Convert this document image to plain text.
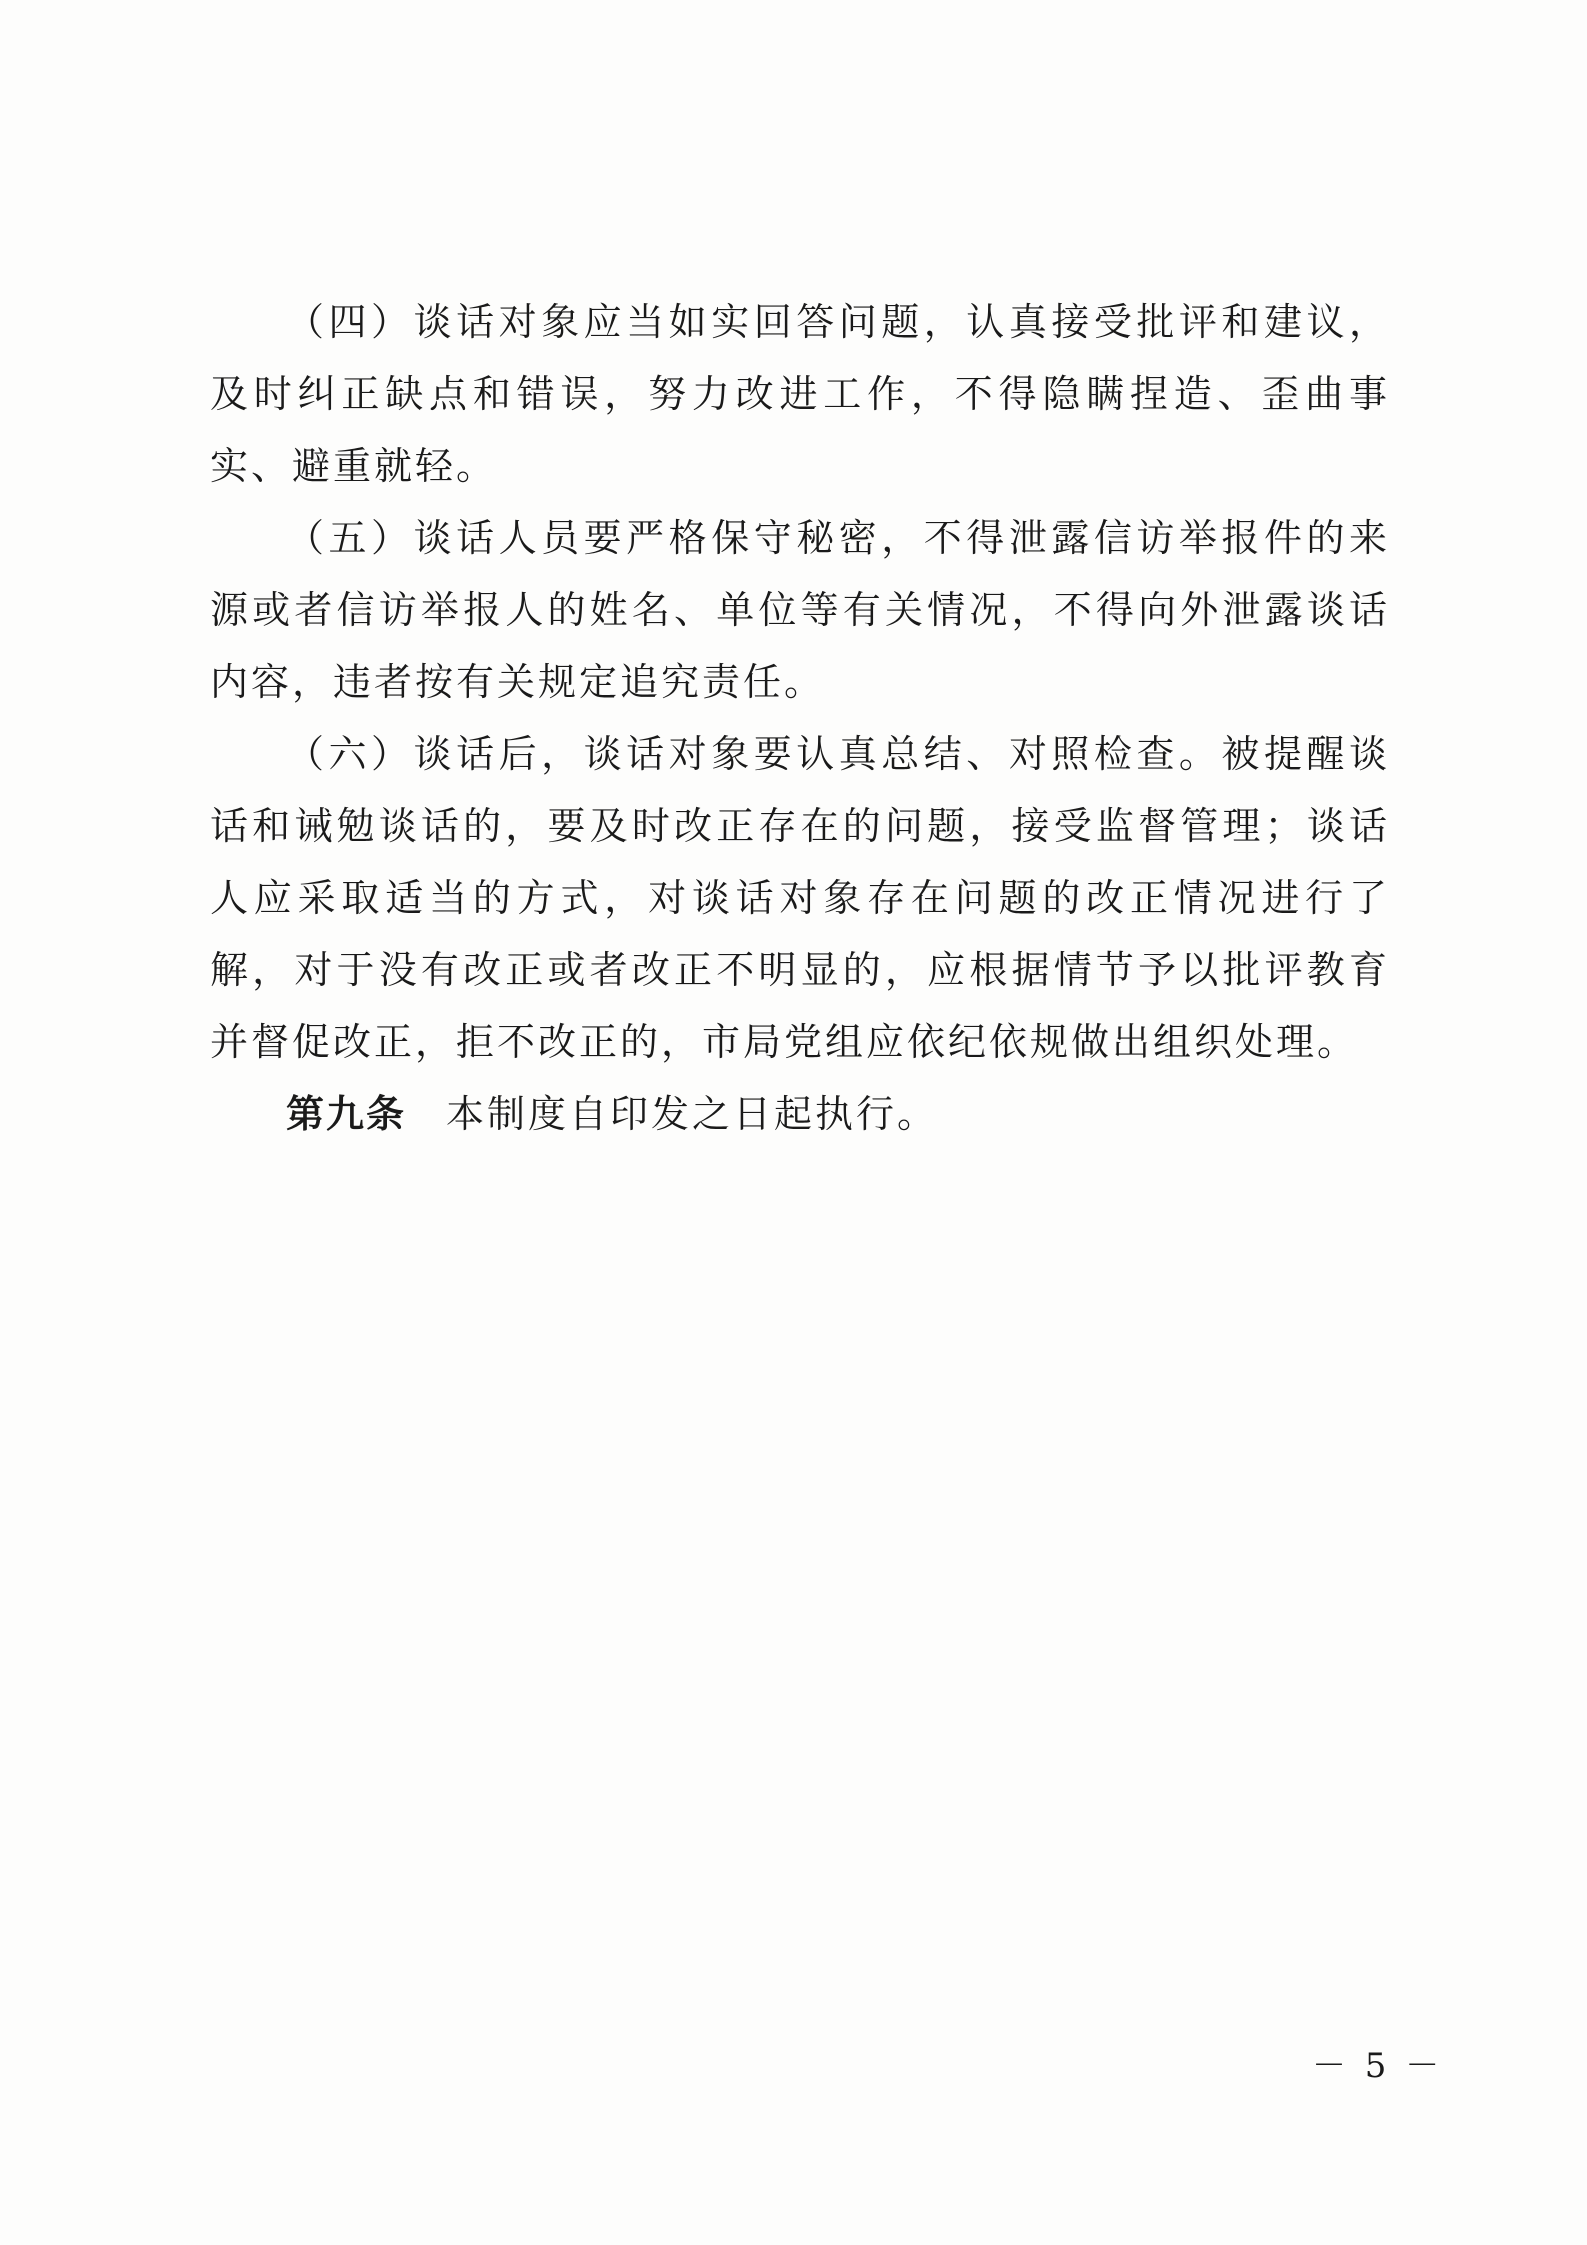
（四）谈话对象应当如实回答问题，认真接受批评和建议，及时纠正缺点和错误，努力改进工作，不得隐瞒捏造、歪曲事实、避重就轻。

（五）谈话人员要严格保守秘密，不得泄露信访举报件的来源或者信访举报人的姓名、单位等有关情况，不得向外泄露谈话内容，违者按有关规定追究责任。

（六）谈话后，谈话对象要认真总结、对照检查。被提醒谈话和诫勉谈话的，要及时改正存在的问题，接受监督管理；谈话人应采取适当的方式，对谈话对象存在问题的改正情况进行了解，对于没有改正或者改正不明显的，应根据情节予以批评教育并督促改正，拒不改正的，市局党组应依纪依规做出组织处理。

第九条 本制度自印发之日起执行。

－ 5 －
